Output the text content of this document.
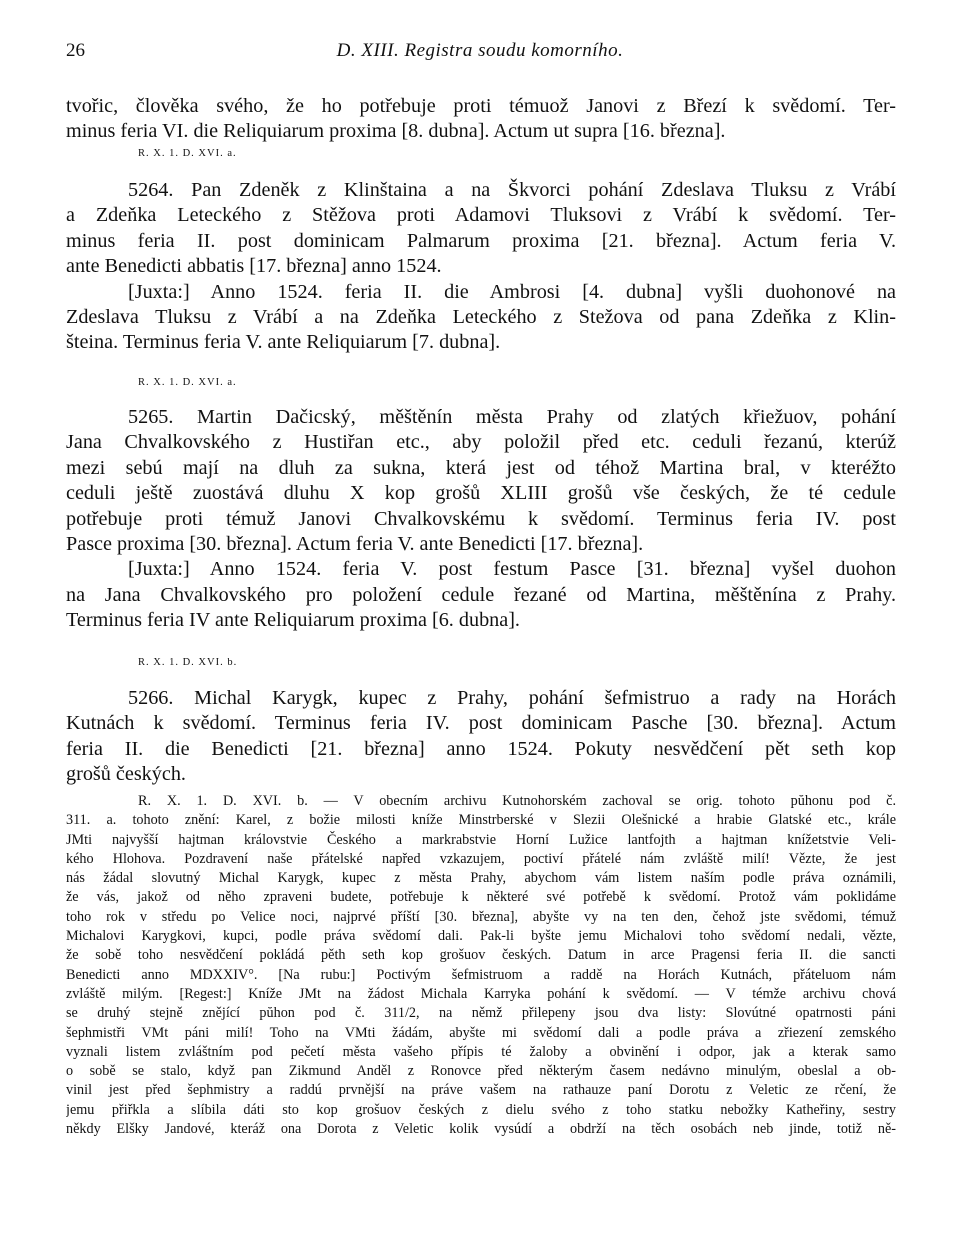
26	D. XIII. Registra soudu komorního.
tvořic, člověka svého, že ho potřebuje proti témuož Janovi z Březí k svědomí. Ter-
minus feria VI. die Reliquiarum proxima [8. dubna]. Actum ut supra [16. března].
R. X. 1. D. XVI. a.
5264. Pan Zdeněk z Klinštaina a na Škvorci pohání Zdeslava Tluksu z Vrábí
a Zdeňka Leteckého z Stěžova proti Adamovi Tluksovi z Vrábí k svědomí. Ter-
minus feria II. post dominicam Palmarum proxima [21. března]. Actum feria V.
ante Benedicti abbatis [17. března] anno 1524.
[Juxta:] Anno 1524. feria II. die Ambrosi [4. dubna] vyšli duohonové na
Zdeslava Tluksu z Vrábí a na Zdeňka Leteckého z Stežova od pana Zdeňka z Klin-
šteina. Terminus feria V. ante Reliquiarum [7. dubna].
R. X. 1. D. XVI. a.
5265. Martin Dačicský, měštěnín města Prahy od zlatých křiežuov, pohání
Jana Chvalkovského z Hustiřan etc., aby položil před etc. ceduli řezanú, kterúž
mezi sebú mají na dluh za sukna, která jest od téhož Martina bral, v kteréžto
ceduli ještě zuostává dluhu X kop grošů XLIII grošů vše českých, že té cedule
potřebuje proti témuž Janovi Chvalkovskému k svědomí. Terminus feria IV. post
Pasce proxima [30. března]. Actum feria V. ante Benedicti [17. března].
[Juxta:] Anno 1524. feria V. post festum Pasce [31. března] vyšel duohon
na Jana Chvalkovského pro položení cedule řezané od Martina, měštěnína z Prahy.
Terminus feria IV ante Reliquiarum proxima [6. dubna].
R. X. 1. D. XVI. b.
5266. Michal Karygk, kupec z Prahy, pohání šefmistruo a rady na Horách
Kutnách k svědomí. Terminus feria IV. post dominicam Pasche [30. března]. Actum
feria II. die Benedicti [21. března] anno 1524. Pokuty nesvědčení pět seth kop
grošů českých.
R. X. 1. D. XVI. b. — V obecním archivu Kutnohorském zachoval se orig. tohoto pŭhonu pod č.
311. a. tohoto znění: Karel, z božie milosti kníže Minstrberské v Slezii Olešnické a hrabie Glatské etc., krále
JMti najvyšší hajtman královstvie Českého a markrabstvie Horní Lužice lantfojth a hajtman knížetstvie Veli-
kého Hlohova. Pozdravení naše přátelské napřed vzkazujem, poctiví přátelé nám zvláště milí! Vězte, že jest
nás žádal slovutný Michal Karygk, kupec z města Prahy, abychom vám listem naším podle práva oznámili,
že vás, jakož od něho zpraveni budete, potřebuje k některé své potřebě k svědomí. Protož vám poklidáme
toho rok v středu po Velice noci, najprvé příští [30. března], abyšte vy na ten den, čehož jste svědomi, témuž
Michalovi Karygkovi, kupci, podle práva svědomí dali. Pak-li byšte jemu Michalovi toho svědomí nedali, vězte,
že sobě toho nesvědčení pokládá pěth seth kop grošuov českých. Datum in arce Pragensi feria II. die sancti
Benedicti anno MDXXIV°. [Na rubu:] Poctivým šefmistruom a raddě na Horách Kutnách, přáteluom nám
zvláště milým. [Regest:] Kníže JMt na žádost Michala Karryka pohání k svědomí. — V témže archivu chová
se druhý stejně znějící pŭhon pod č. 311/2, na němž přilepeny jsou dva listy: Slovútné opatrnosti páni
šephmistři VMt páni milí! Toho na VMti žádám, abyšte mi svědomí dali a podle práva a zřiezení zemského
vyznali listem zvláštním pod pečetí města vašeho přípis té žaloby a obvinění i odpor, jak a kterak samo
o sobě se stalo, když pan Zikmund Anděl z Ronovce před některým časem nedávno minulým, obeslal a ob-
vinil jest před šephmistry a raddú prvnější na práve vašem na rathauze paní Dorotu z Veletic ze rčení, že
jemu přiřkla a slíbila dáti sto kop grošuov českých z dielu svého z toho statku nebožky Katheřiny, sestry
někdy Elšky Jandové, kteráž ona Dorota z Veletic kolik vysúdí a obdrží na těch osobách neb jinde, totiž ně-
